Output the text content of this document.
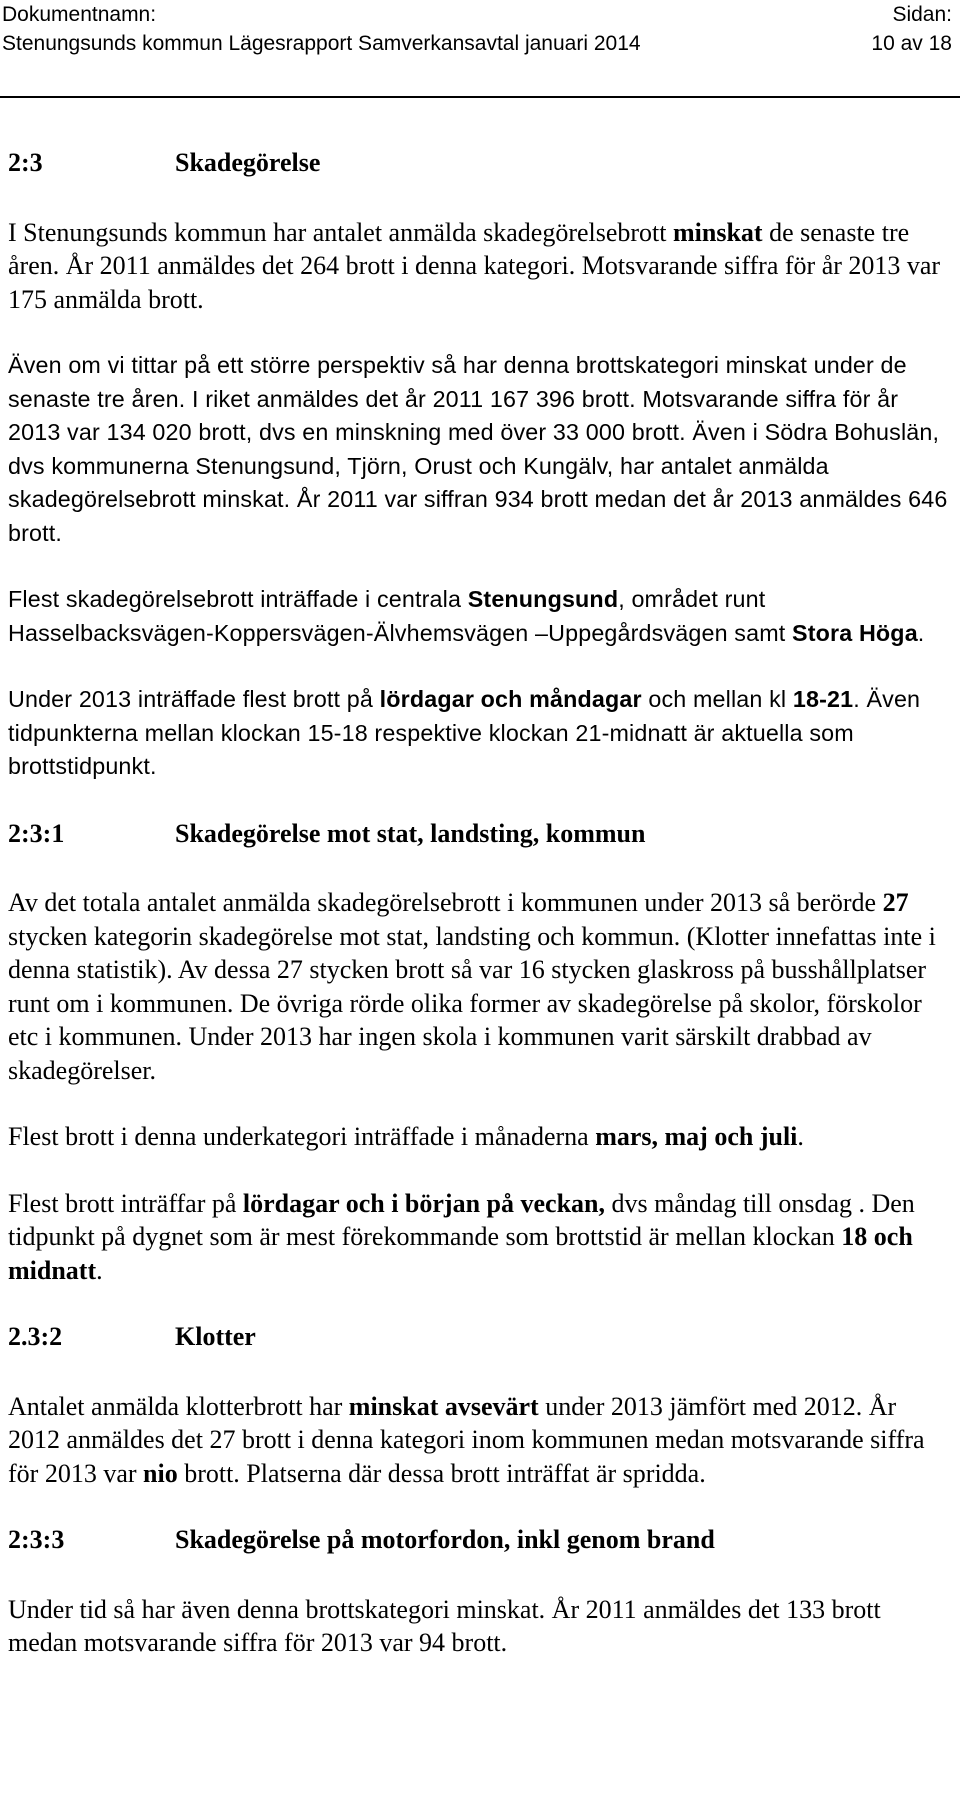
Dokumentnamn:
Stenungsunds kommun Lägesrapport Samverkansavtal januari 2014
Sidan:
10 av 18
2:3	Skadegörelse

I Stenungsunds kommun har antalet anmälda skadegörelsebrott minskat de senaste tre åren. År 2011 anmäldes det 264 brott i denna kategori. Motsvarande siffra för år 2013 var 175 anmälda brott.

Även om vi tittar på ett större perspektiv så har denna brottskategori minskat under de senaste tre åren. I riket anmäldes det år 2011 167 396 brott. Motsvarande siffra för år 2013 var 134 020 brott, dvs en minskning med över 33 000 brott. Även i Södra Bohuslän, dvs kommunerna Stenungsund, Tjörn, Orust och Kungälv, har antalet anmälda skadegörelsebrott minskat. År 2011 var siffran 934 brott medan det år 2013 anmäldes 646 brott.

Flest skadegörelsebrott inträffade i centrala Stenungsund, området runt Hasselbacksvägen-Koppersvägen-Älvhemsvägen –Uppegårdsvägen samt Stora Höga.

Under 2013 inträffade flest brott på lördagar och måndagar och mellan kl 18-21. Även tidpunkterna mellan klockan 15-18 respektive klockan 21-midnatt är aktuella som brottstidpunkt.

2:3:1	Skadegörelse mot stat, landsting, kommun

Av det totala antalet anmälda skadegörelsebrott i kommunen under 2013 så berörde 27 stycken kategorin skadegörelse mot stat, landsting och kommun. (Klotter innefattas inte i denna statistik). Av dessa 27 stycken brott så var 16 stycken glaskross på busshållplatser runt om i kommunen. De övriga rörde olika former av skadegörelse på skolor, förskolor etc i kommunen. Under 2013 har ingen skola i kommunen varit särskilt drabbad av skadegörelser.

Flest brott i denna underkategori inträffade i månaderna mars, maj och juli.

Flest brott inträffar på lördagar och i början på veckan, dvs måndag till onsdag . Den tidpunkt på dygnet som är mest förekommande som brottstid är mellan klockan 18 och midnatt.

2.3:2	Klotter

Antalet anmälda klotterbrott har minskat avsevärt under 2013 jämfört med 2012. År 2012 anmäldes det 27 brott i denna kategori inom kommunen medan motsvarande siffra för 2013 var nio brott. Platserna där dessa brott inträffat är spridda.

2:3:3	Skadegörelse på motorfordon, inkl genom brand

Under tid så har även denna brottskategori minskat. År 2011 anmäldes det 133 brott medan motsvarande siffra för 2013 var 94 brott.
